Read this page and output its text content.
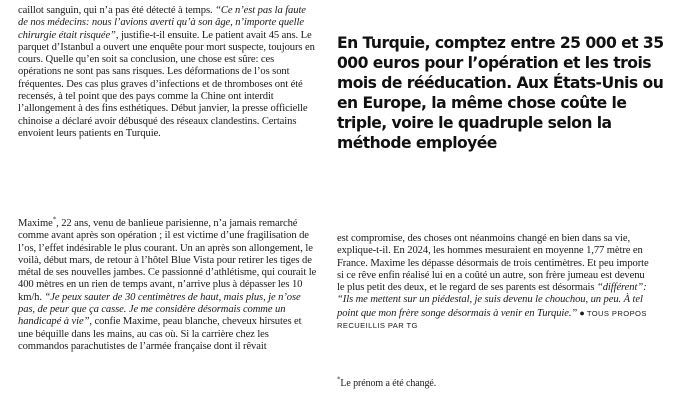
caillot sanguin, qui n’a pas été détecté à temps. “Ce n’est pas la faute de nos médecins: nous l’avions averti qu’à son âge, n’importe quelle chirurgie était risquée”, justifie-t-il ensuite. Le patient avait 45 ans. Le parquet d’Istanbul a ouvert une enquête pour mort suspecte, toujours en cours. Quelle qu’en soit sa conclusion, une chose est sûre: ces opérations ne sont pas sans risques. Les déformations de l’os sont fréquentes. Des cas plus graves d’infections et de thromboses ont été recensés, à tel point que des pays comme la Chine ont interdit l’allongement à des fins esthétiques. Début janvier, la presse officielle chinoise a déclaré avoir débusqué des réseaux clandestins. Certains envoient leurs patients en Turquie.

Maxime*, 22 ans, venu de banlieue parisienne, n’a jamais remarché comme avant après son opération ; il est victime d’une fragilisation de l’os, l’effet indésirable le plus courant. Un an après son allongement, le voilà, début mars, de retour à l’hôtel Blue Vista pour retirer les tiges de métal de ses nouvelles jambes. Ce passionné d’athlétisme, qui courait le 400 mètres en un rien de temps avant, n’arrive plus à dépasser les 10 km/h. “Je peux sauter de 30 centimètres de haut, mais plus, je n’ose pas, de peur que ça casse. Je me considère désormais comme un handicapé à vie”, confie Maxime, peau blanche, cheveux hirsutes et une béquille dans les mains, au cas où. Si la carrière chez les commandos parachutistes de l’armée française dont il rêvait

En Turquie, comptez entre 25 000 et 35 000 euros pour l’opération et les trois mois de rééducation. Aux États-Unis ou en Europe, la même chose coûte le triple, voire le quadruple selon la méthode employée

est compromise, des choses ont néanmoins changé en bien dans sa vie, explique-t-il. En 2024, les hommes mesuraient en moyenne 1,77 mètre en France. Maxime les dépasse désormais de trois centimètres. Et peu importe si ce rêve enfin réalisé lui en a coûté un autre, son frère jumeau est devenu le plus petit des deux, et le regard de ses parents est désormais “différent”: “Ils me mettent sur un piédestal, je suis devenu le chouchou, un peu. À tel point que mon frère songe désormais à venir en Turquie.” ● TOUS PROPOS RECUEILLIS PAR TG

*Le prénom a été changé.
